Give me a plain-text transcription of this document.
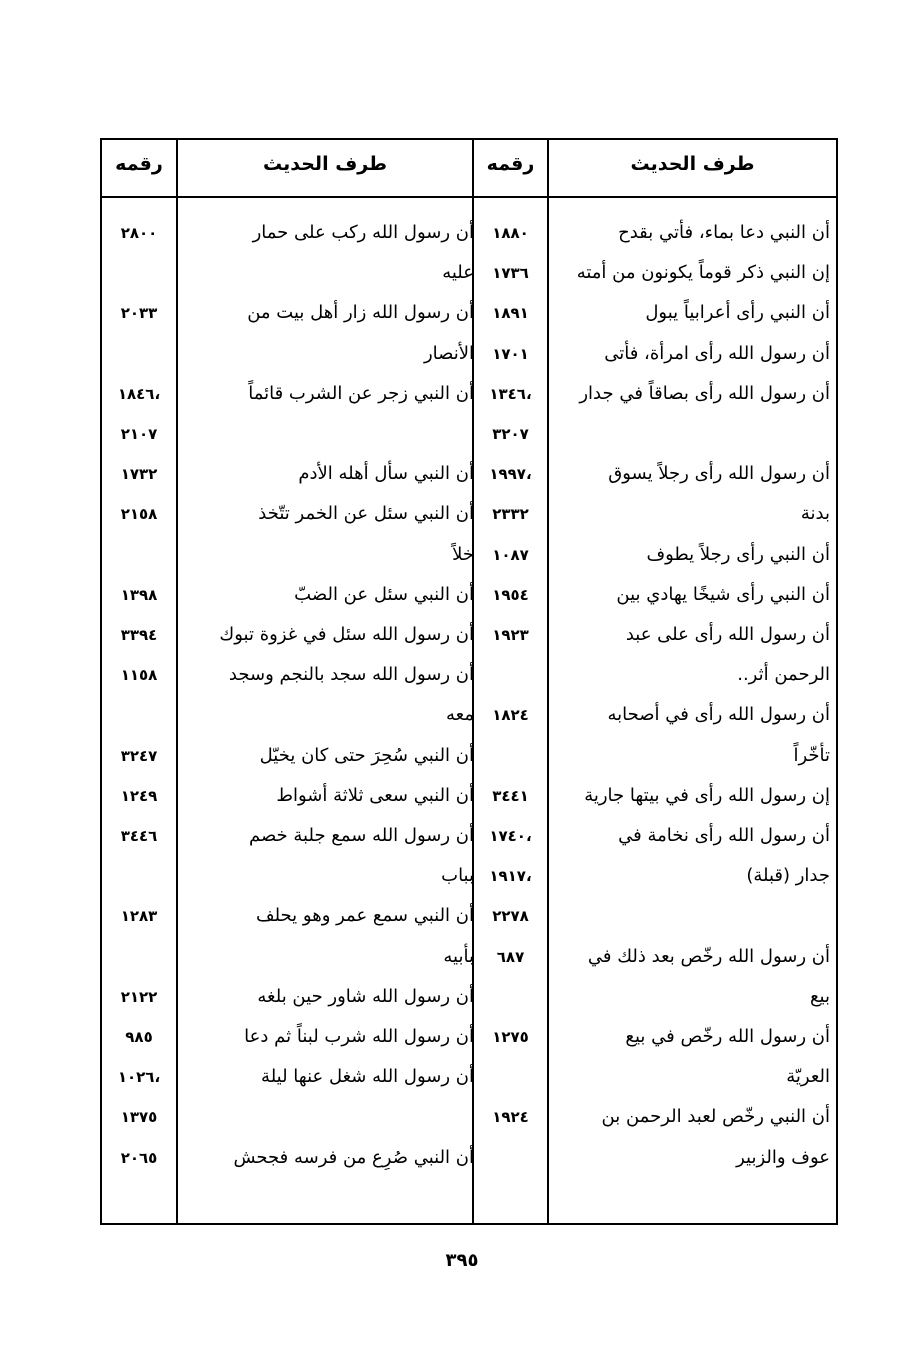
طرف الحديث
رقمه
طرف الحديث
رقمه
أن النبي دعا بماء، فأتي بقدح
١٨٨٠
إن النبي ذكر قوماً يكونون من أمته
١٧٣٦
أن النبي رأى أعرابياً يبول
١٨٩١
أن رسول الله رأى امرأة، فأتى
١٧٠١
أن رسول الله رأى بصاقاً في جدار
١٣٤٦،
٣٢٠٧
أن رسول الله رأى رجلاً يسوق
١٩٩٧،
بدنة
٢٣٣٢
أن النبي رأى رجلاً يطوف
١٠٨٧
أن النبي رأى شيخًا يهادي بين
١٩٥٤
أن رسول الله رأى على عبد
١٩٢٣
الرحمن أثر..
أن رسول الله رأى في أصحابه
١٨٢٤
تأخّراً
إن رسول الله رأى في بيتها جارية
٣٤٤١
أن رسول الله رأى نخامة في
١٧٤٠،
جدار (قبلة)
١٩١٧،
٢٢٧٨
أن رسول الله رخّص بعد ذلك في
٦٨٧
بيع
أن رسول الله رخّص في بيع
١٢٧٥
العريّة
أن النبي رخّص لعبد الرحمن بن
١٩٢٤
عوف والزبير
أن رسول الله ركب على حمار
٢٨٠٠
عليه
أن رسول الله زار أهل بيت من
٢٠٣٣
الأنصار
أن النبي زجر عن الشرب قائماً
١٨٤٦،
٢١٠٧
أن النبي سأل أهله الأدم
١٧٣٢
أن النبي سئل عن الخمر تتّخذ
٢١٥٨
خلاً
أن النبي سئل عن الضبّ
١٣٩٨
أن رسول الله سئل في غزوة تبوك
٣٣٩٤
أن رسول الله سجد بالنجم وسجد
١١٥٨
معه
أن النبي سُحِرَ حتى كان يخيّل
٣٢٤٧
أن النبي سعى ثلاثة أشواط
١٢٤٩
أن رسول الله سمع جلبة خصم
٣٤٤٦
بباب
أن النبي سمع عمر وهو يحلف
١٢٨٣
بأبيه
أن رسول الله شاور حين بلغه
٢١٢٢
أن رسول الله شرب لبناً ثم دعا
٩٨٥
أن رسول الله شغل عنها ليلة
١٠٢٦،
١٣٧٥
أن النبي صُرِع من فرسه فجحش
٢٠٦٥
٣٩٥
